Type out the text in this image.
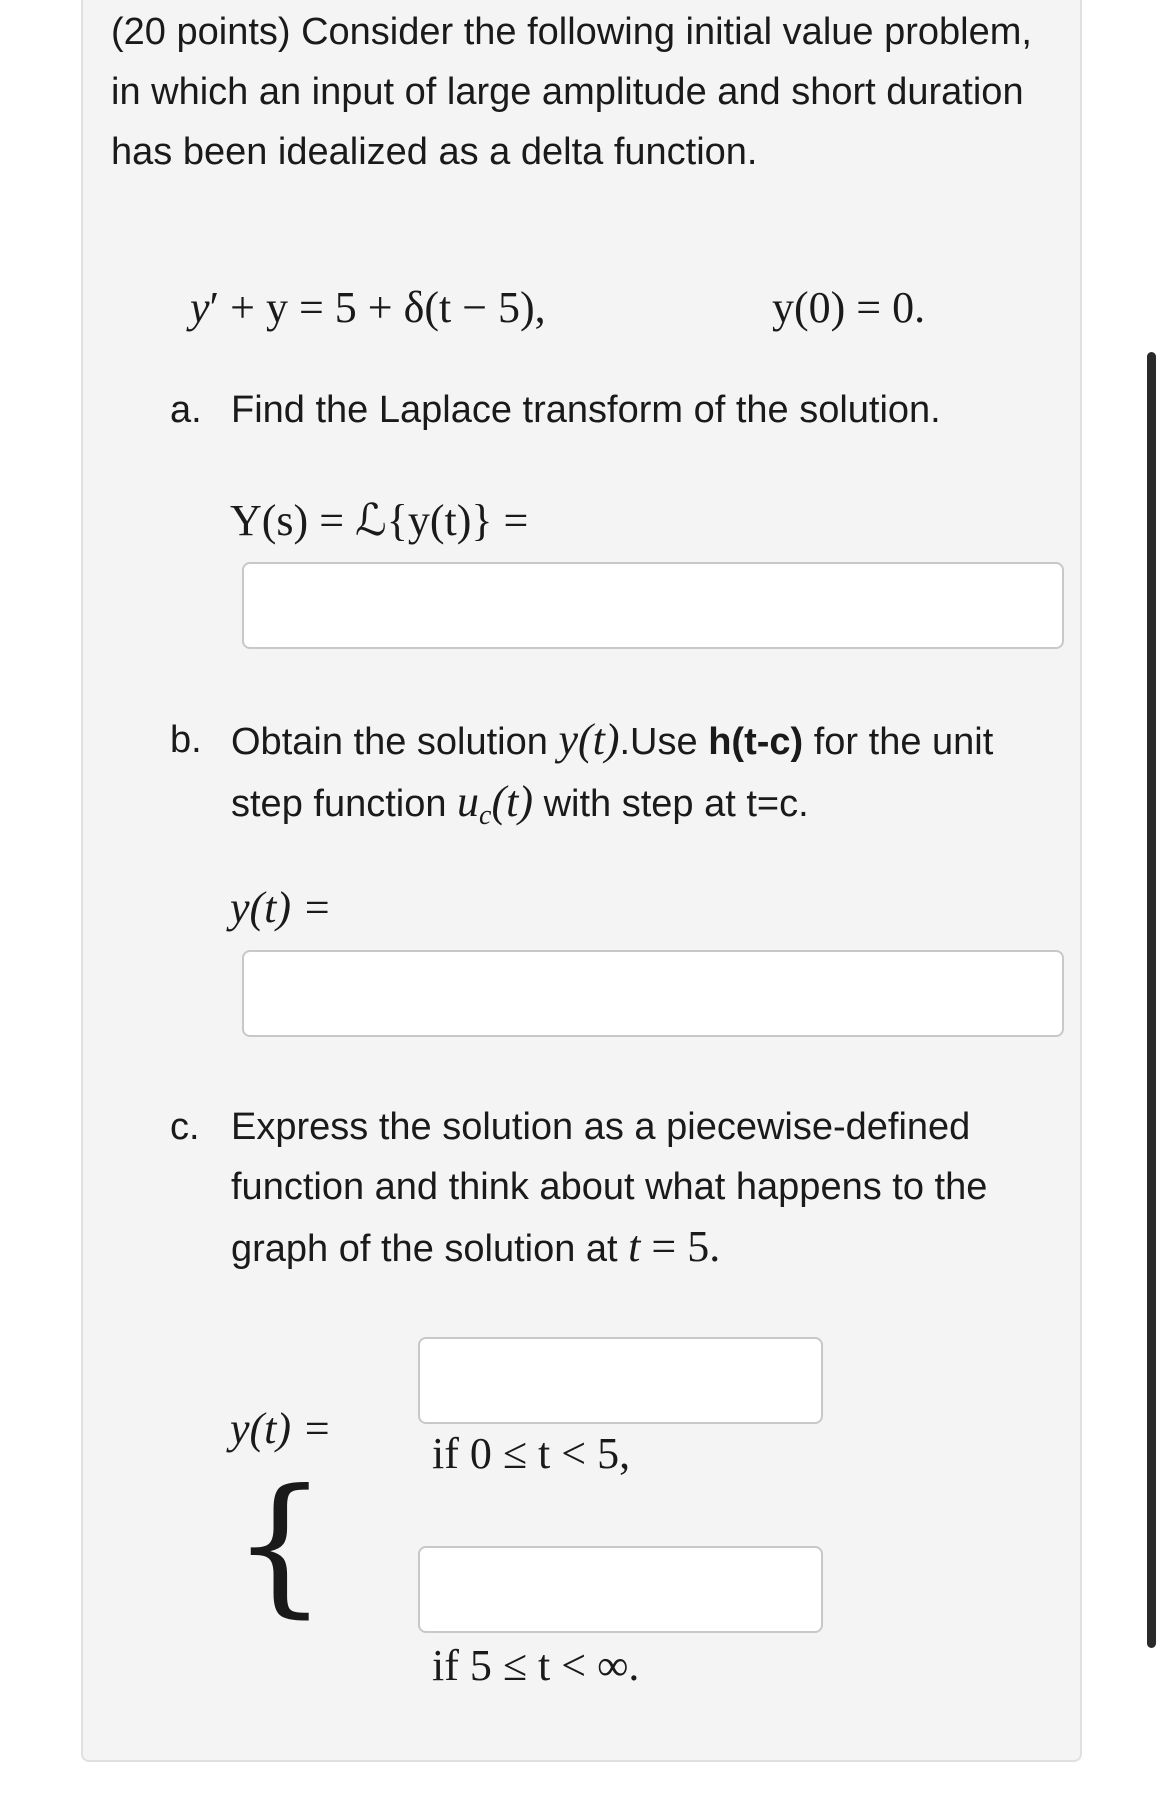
(20 points) Consider the following initial value problem, in which an input of large amplitude and short duration has been idealized as a delta function.
y′ + y = 5 + δ(t − 5),	y(0) = 0.
a. Find the Laplace transform of the solution.
Y(s) = ℒ{y(t)} =
b. Obtain the solution y(t).Use h(t-c) for the unit step function $u_c(t)$ with step at t=c.
y(t) =
c. Express the solution as a piecewise-defined function and think about what happens to the graph of the solution at t = 5.
y(t) =
if 0 ≤ t < 5,
{
if 5 ≤ t < ∞.
